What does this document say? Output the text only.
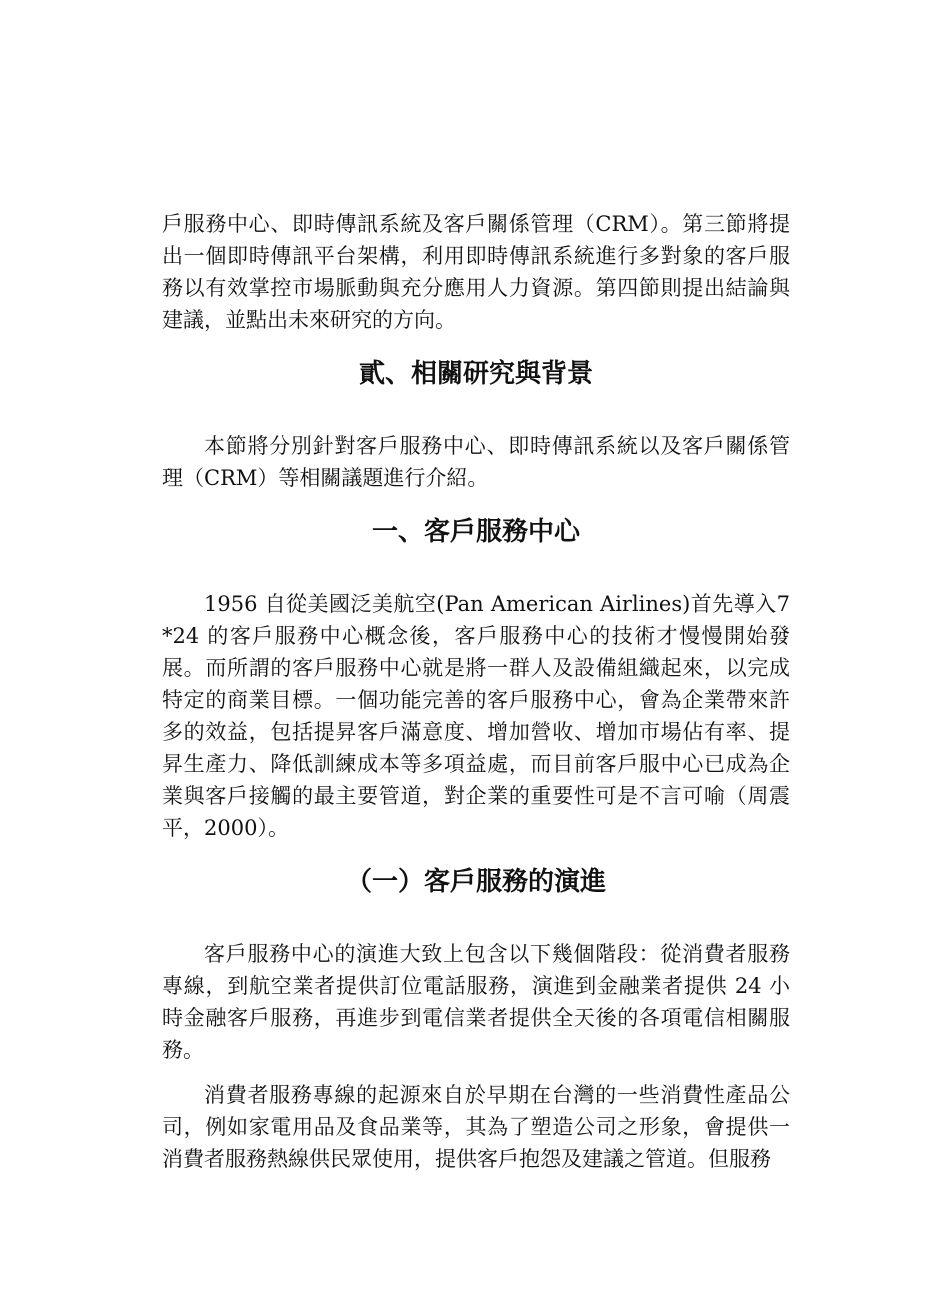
戶服務中心、即時傳訊系統及客戶關係管理（CRM）。第三節將提出一個即時傳訊平台架構，利用即時傳訊系統進行多對象的客戶服務以有效掌控市場脈動與充分應用人力資源。第四節則提出結論與建議，並點出未來研究的方向。

貳、相關研究與背景

本節將分別針對客戶服務中心、即時傳訊系統以及客戶關係管理（CRM）等相關議題進行介紹。

一、客戶服務中心

1956 自從美國泛美航空(Pan American Airlines)首先導入7*24 的客戶服務中心概念後，客戶服務中心的技術才慢慢開始發展。而所謂的客戶服務中心就是將一群人及設備組織起來，以完成特定的商業目標。一個功能完善的客戶服務中心，會為企業帶來許多的效益，包括提昇客戶滿意度、增加營收、增加市場佔有率、提昇生產力、降低訓練成本等多項益處，而目前客戶服中心已成為企業與客戶接觸的最主要管道，對企業的重要性可是不言可喻（周震平，2000）。

（一）客戶服務的演進

客戶服務中心的演進大致上包含以下幾個階段：從消費者服務專線，到航空業者提供訂位電話服務，演進到金融業者提供 24 小時金融客戶服務，再進步到電信業者提供全天後的各項電信相關服務。

消費者服務專線的起源來自於早期在台灣的一些消費性產品公司，例如家電用品及食品業等，其為了塑造公司之形象，會提供一消費者服務熱線供民眾使用，提供客戶抱怨及建議之管道。但服務
